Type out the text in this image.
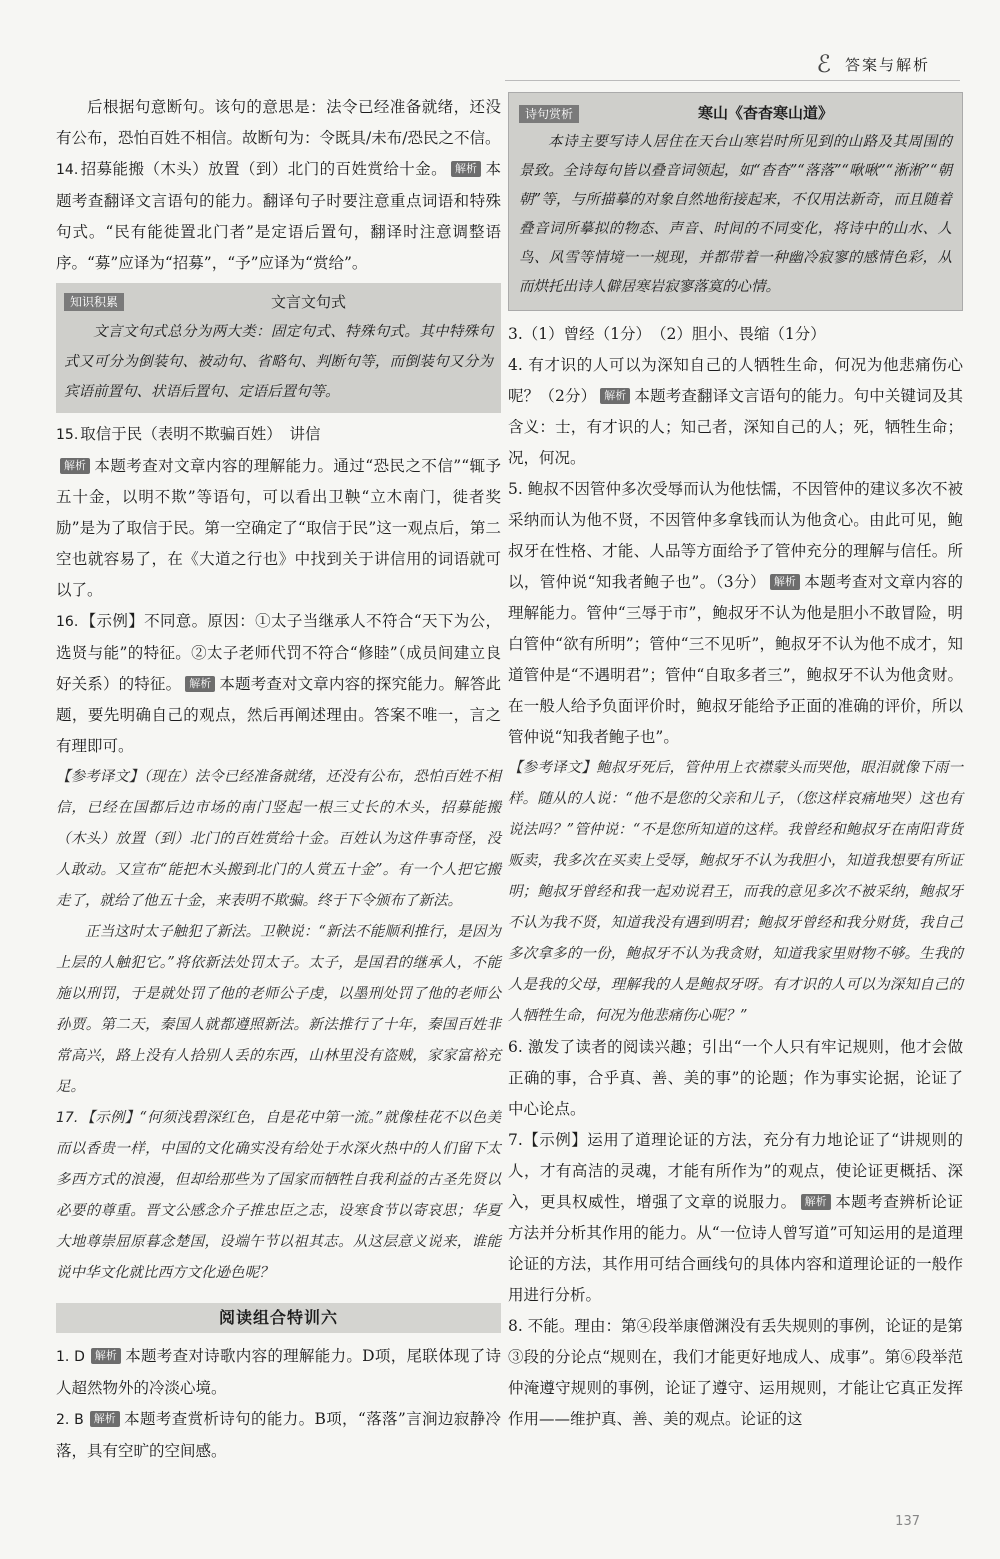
ℰ 答案与解析

后根据句意断句。该句的意思是：法令已经准备就绪，还没有公布，恐怕百姓不相信。故断句为：令既具/未布/恐民之不信。

14. 招募能搬（木头）放置（到）北门的百姓赏给十金。 解析 本题考查翻译文言语句的能力。翻译句子时要注意重点词语和特殊句式。“民有能徙置北门者”是定语后置句，翻译时注意调整语序。“募”应译为“招募”，“予”应译为“赏给”。

知识积累	文言文句式

文言文句式总分为两大类：固定句式、特殊句式。其中特殊句式又可分为倒装句、被动句、省略句、判断句等，而倒装句又分为宾语前置句、状语后置句、定语后置句等。

15. 取信于民（表明不欺骗百姓）　讲信
解析 本题考查对文章内容的理解能力。通过“恐民之不信”“辄予五十金，以明不欺”等语句，可以看出卫鞅“立木南门，徙者奖励”是为了取信于民。第一空确定了“取信于民”这一观点后，第二空也就容易了，在《大道之行也》中找到关于讲信用的词语就可以了。

16. 【示例】不同意。原因：①太子当继承人不符合“天下为公，选贤与能”的特征。②太子老师代罚不符合“修睦”（成员间建立良好关系）的特征。 解析 本题考查对文章内容的探究能力。解答此题，要先明确自己的观点，然后再阐述理由。答案不唯一，言之有理即可。

【参考译文】（现在）法令已经准备就绪，还没有公布，恐怕百姓不相信，已经在国都后边市场的南门竖起一根三丈长的木头，招募能搬（木头）放置（到）北门的百姓赏给十金。百姓认为这件事奇怪，没人敢动。又宣布“能把木头搬到北门的人赏五十金”。有一个人把它搬走了，就给了他五十金，来表明不欺骗。终于下令颁布了新法。

正当这时太子触犯了新法。卫鞅说：“新法不能顺利推行，是因为上层的人触犯它。”将依新法处罚太子。太子，是国君的继承人，不能施以刑罚，于是就处罚了他的老师公子虔，以墨刑处罚了他的老师公孙贾。第二天，秦国人就都遵照新法。新法推行了十年，秦国百姓非常高兴，路上没有人拾别人丢的东西，山林里没有盗贼，家家富裕充足。

17. 【示例】“何须浅碧深红色，自是花中第一流。”就像桂花不以色美而以香贵一样，中国的文化确实没有给处于水深火热中的人们留下太多西方式的浪漫，但却给那些为了国家而牺牲自我利益的古圣先贤以必要的尊重。晋文公感念介子推忠臣之志，设寒食节以寄哀思；华夏大地尊崇屈原暮念楚国，设端午节以祖其志。从这层意义说来，谁能说中华文化就比西方文化逊色呢？

阅读组合特训六

1. D 解析 本题考查对诗歌内容的理解能力。D项，尾联体现了诗人超然物外的冷淡心境。

2. B 解析 本题考查赏析诗句的能力。B项，“落落”言涧边寂静冷落，具有空旷的空间感。

诗句赏析	寒山《杳杳寒山道》

本诗主要写诗人居住在天台山寒岩时所见到的山路及其周围的景致。全诗每句皆以叠音词领起，如“杳杳”“落落”“啾啾”“淅淅”“朝朝”等，与所描摹的对象自然地衔接起来，不仅用法新奇，而且随着叠音词所摹拟的物态、声音、时间的不同变化，将诗中的山水、人鸟、风雪等情境一一规现，并都带着一种幽冷寂寥的感情色彩，从而烘托出诗人僻居寒岩寂寥落寞的心情。

3.（1）曾经（1分）　（2）胆小、畏缩（1分）

4. 有才识的人可以为深知自己的人牺牲生命，何况为他悲痛伤心呢？（2分） 解析 本题考查翻译文言语句的能力。句中关键词及其含义：士，有才识的人；知己者，深知自己的人；死，牺牲生命；况，何况。

5. 鲍叔不因管仲多次受辱而认为他怯懦，不因管仲的建议多次不被采纳而认为他不贤，不因管仲多拿钱而认为他贪心。由此可见，鲍叔牙在性格、才能、人品等方面给予了管仲充分的理解与信任。所以，管仲说“知我者鲍子也”。（3分） 解析 本题考查对文章内容的理解能力。管仲“三辱于市”，鲍叔牙不认为他是胆小不敢冒险，明白管仲“欲有所明”；管仲“三不见听”，鲍叔牙不认为他不成才，知道管仲是“不遇明君”；管仲“自取多者三”，鲍叔牙不认为他贪财。在一般人给予负面评价时，鲍叔牙能给予正面的准确的评价，所以管仲说“知我者鲍子也”。

【参考译文】鲍叔牙死后，管仲用上衣襟蒙头而哭他，眼泪就像下雨一样。随从的人说：“他不是您的父亲和儿子，（您这样哀痛地哭）这也有说法吗？”管仲说：“不是您所知道的这样。我曾经和鲍叔牙在南阳背货贩卖，我多次在买卖上受辱，鲍叔牙不认为我胆小，知道我想要有所证明；鲍叔牙曾经和我一起劝说君王，而我的意见多次不被采纳，鲍叔牙不认为我不贤，知道我没有遇到明君；鲍叔牙曾经和我分财货，我自己多次拿多的一份，鲍叔牙不认为我贪财，知道我家里财物不够。生我的人是我的父母，理解我的人是鲍叔牙呀。有才识的人可以为深知自己的人牺牲生命，何况为他悲痛伤心呢？”

6. 激发了读者的阅读兴趣；引出“一个人只有牢记规则，他才会做正确的事，合乎真、善、美的事”的论题；作为事实论据，论证了中心论点。

7.【示例】运用了道理论证的方法，充分有力地论证了“讲规则的人，才有高洁的灵魂，才能有所作为”的观点，使论证更概括、深入，更具权威性，增强了文章的说服力。 解析 本题考查辨析论证方法并分析其作用的能力。从“一位诗人曾写道”可知运用的是道理论证的方法，其作用可结合画线句的具体内容和道理论证的一般作用进行分析。

8. 不能。理由：第④段举康僧渊没有丢失规则的事例，论证的是第③段的分论点“规则在，我们才能更好地成人、成事”。第⑥段举范仲淹遵守规则的事例，论证了遵守、运用规则，才能让它真正发挥作用——维护真、善、美的观点。论证的这

137
